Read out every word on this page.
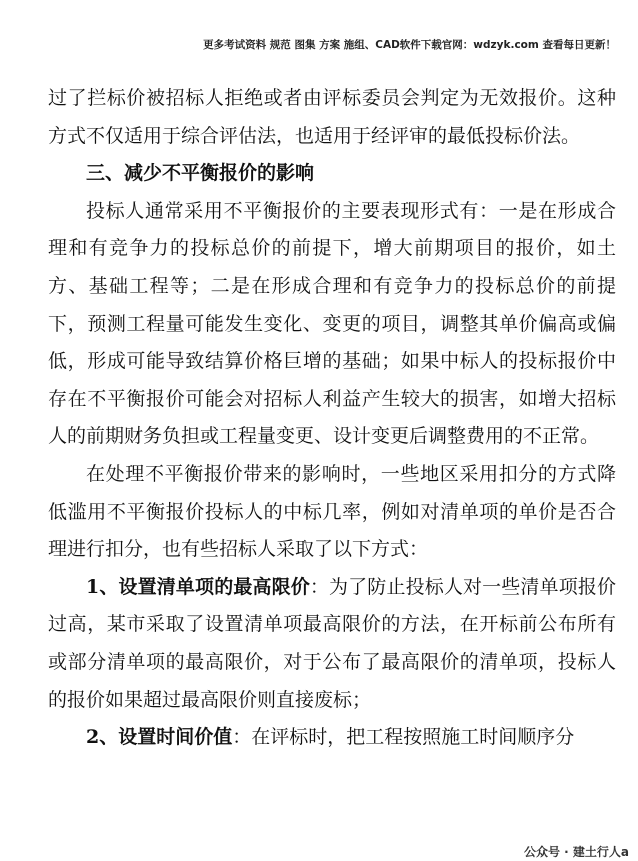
更多考试资料 规范 图集 方案 施组、CAD软件下载官网：wdzyk.com 查看每日更新！

过了拦标价被招标人拒绝或者由评标委员会判定为无效报价。这种方式不仅适用于综合评估法，也适用于经评审的最低投标价法。

三、减少不平衡报价的影响

投标人通常采用不平衡报价的主要表现形式有：一是在形成合理和有竞争力的投标总价的前提下，增大前期项目的报价，如土方、基础工程等；二是在形成合理和有竞争力的投标总价的前提下，预测工程量可能发生变化、变更的项目，调整其单价偏高或偏低，形成可能导致结算价格巨增的基础；如果中标人的投标报价中存在不平衡报价可能会对招标人利益产生较大的损害，如增大招标人的前期财务负担或工程量变更、设计变更后调整费用的不正常。

在处理不平衡报价带来的影响时，一些地区采用扣分的方式降低滥用不平衡报价投标人的中标几率，例如对清单项的单价是否合理进行扣分，也有些招标人采取了以下方式：

1、设置清单项的最高限价：为了防止投标人对一些清单项报价过高，某市采取了设置清单项最高限价的方法，在开标前公布所有或部分清单项的最高限价，对于公布了最高限价的清单项，投标人的报价如果超过最高限价则直接废标；

2、设置时间价值：在评标时，把工程按照施工时间顺序分

公众号 · 建土行人a
